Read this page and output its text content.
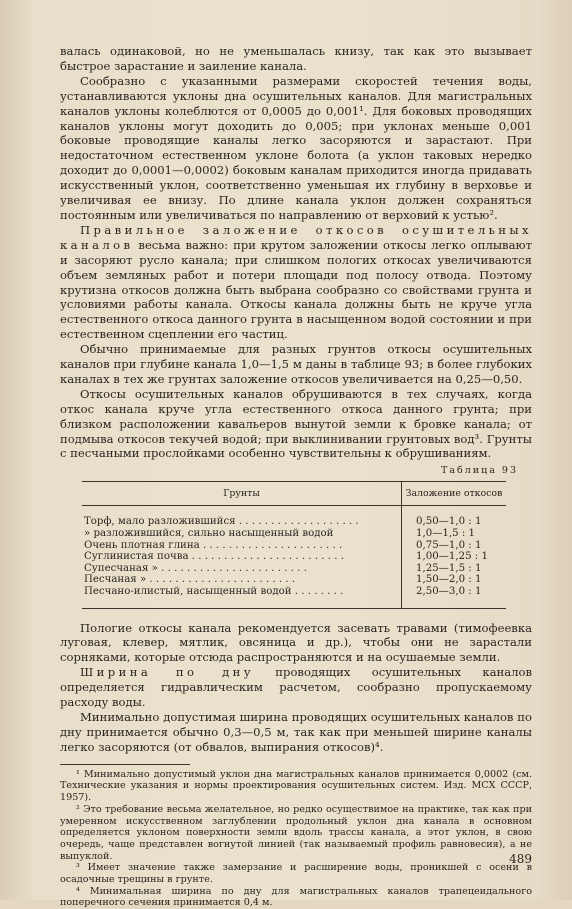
валась одинаковой, но не уменьшалась книзу, так как это вызывает быстрое зарастание и заиление канала.

Сообразно с указанными размерами скоростей течения воды, устанавливаются уклоны дна осушительных каналов. Для магистральных каналов уклоны колеблются от 0,0005 до 0,001¹. Для боковых проводящих каналов уклоны могут доходить до 0,005; при уклонах меньше 0,001 боковые проводящие каналы легко засоряются и зарастают. При недостаточном естественном уклоне болота (а уклон таковых нередко доходит до 0,0001—0,0002) боковым каналам приходится иногда придавать искусственный уклон, соответственно уменьшая их глубину в верховье и увеличивая ее внизу. По длине канала уклон должен сохраняться постоянным или увеличиваться по направлению от верховий к устью².

Правильное заложение откосов осушительных каналов весьма важно: при крутом заложении откосы легко оплывают и засоряют русло канала; при слишком пологих откосах увеличиваются объем земляных работ и потери площади под полосу отвода. Поэтому крутизна откосов должна быть выбрана сообразно со свойствами грунта и условиями работы канала. Откосы канала должны быть не круче угла естественного откоса данного грунта в насыщенном водой состоянии и при естественном сцеплении его частиц.

Обычно принимаемые для разных грунтов откосы осушительных каналов при глубине канала 1,0—1,5 м даны в таблице 93; в более глубоких каналах в тех же грунтах заложение откосов увеличивается на 0,25—0,50.

Откосы осушительных каналов обрушиваются в тех случаях, когда откос канала круче угла естественного откоса данного грунта; при близком расположении кавальеров вынутой земли к бровке канала; от подмыва откосов текучей водой; при выклинивании грунтовых вод³. Грунты с песчаными прослойками особенно чувствительны к обрушиваниям.

Таблица 93
Грунты	Заложение откосов
Торф, мало разложившийся . . . . . . . . . . . . . . . . . . .	0,50—1,0 : 1
» разложившийся, сильно насыщенный водой	1,0—1,5 : 1
Очень плотная глина . . . . . . . . . . . . . . . . . . . . . .	0,75—1,0 : 1
Суглинистая почва . . . . . . . . . . . . . . . . . . . . . . . .	1,00—1,25 : 1
Супесчаная » . . . . . . . . . . . . . . . . . . . . . . .	1,25—1,5 : 1
Песчаная » . . . . . . . . . . . . . . . . . . . . . . .	1,50—2,0 : 1
Песчано-илистый, насыщенный водой . . . . . . . .	2,50—3,0 : 1

Пологие откосы канала рекомендуется засевать травами (тимофеевка луговая, клевер, мятлик, овсяница и др.), чтобы они не зарастали сорняками, которые отсюда распространяются и на осушаемые земли.

Ширина по дну проводящих осушительных каналов определяется гидравлическим расчетом, сообразно пропускаемому расходу воды.

Минимально допустимая ширина проводящих осушительных каналов по дну принимается обычно 0,3—0,5 м, так как при меньшей ширине каналы легко засоряются (от обвалов, выпирания откосов)⁴.

¹ Минимально допустимый уклон дна магистральных каналов принимается 0,0002 (см. Технические указания и нормы проектирования осушительных систем. Изд. МСХ СССР, 1957).

² Это требование весьма желательное, но редко осуществимое на практике, так как при умеренном искусственном заглублении продольный уклон дна канала в основном определяется уклоном поверхности земли вдоль трассы канала, а этот уклон, в свою очередь, чаще представлен вогнутой линией (так называемый профиль равновесия), а не выпуклой.

³ Имеет значение также замерзание и расширение воды, проникшей с осени в осадочные трещины в грунте.

⁴ Минимальная ширина по дну для магистральных каналов трапецеидального поперечного сечения принимается 0,4 м.

489
